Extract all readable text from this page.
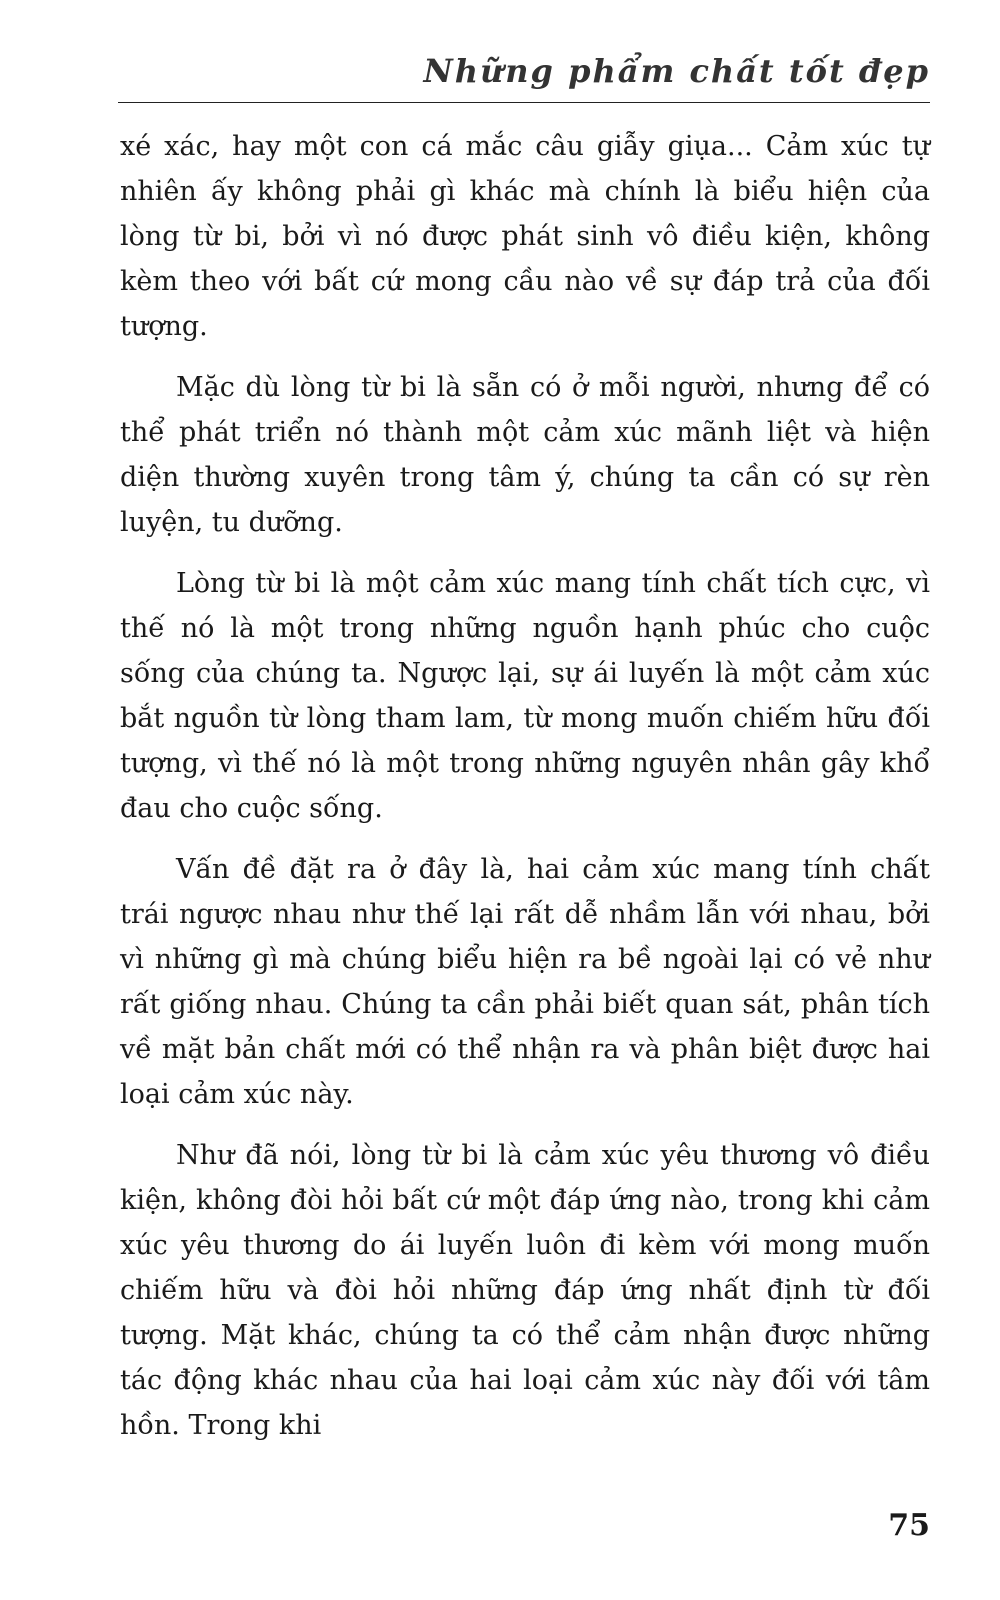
Những phẩm chất tốt đẹp

xé xác, hay một con cá mắc câu giẫy giụa... Cảm xúc tự nhiên ấy không phải gì khác mà chính là biểu hiện của lòng từ bi, bởi vì nó được phát sinh vô điều kiện, không kèm theo với bất cứ mong cầu nào về sự đáp trả của đối tượng.

Mặc dù lòng từ bi là sẵn có ở mỗi người, nhưng để có thể phát triển nó thành một cảm xúc mãnh liệt và hiện diện thường xuyên trong tâm ý, chúng ta cần có sự rèn luyện, tu dưỡng.

Lòng từ bi là một cảm xúc mang tính chất tích cực, vì thế nó là một trong những nguồn hạnh phúc cho cuộc sống của chúng ta. Ngược lại, sự ái luyến là một cảm xúc bắt nguồn từ lòng tham lam, từ mong muốn chiếm hữu đối tượng, vì thế nó là một trong những nguyên nhân gây khổ đau cho cuộc sống.

Vấn đề đặt ra ở đây là, hai cảm xúc mang tính chất trái ngược nhau như thế lại rất dễ nhầm lẫn với nhau, bởi vì những gì mà chúng biểu hiện ra bề ngoài lại có vẻ như rất giống nhau. Chúng ta cần phải biết quan sát, phân tích về mặt bản chất mới có thể nhận ra và phân biệt được hai loại cảm xúc này.

Như đã nói, lòng từ bi là cảm xúc yêu thương vô điều kiện, không đòi hỏi bất cứ một đáp ứng nào, trong khi cảm xúc yêu thương do ái luyến luôn đi kèm với mong muốn chiếm hữu và đòi hỏi những đáp ứng nhất định từ đối tượng. Mặt khác, chúng ta có thể cảm nhận được những tác động khác nhau của hai loại cảm xúc này đối với tâm hồn. Trong khi

75
